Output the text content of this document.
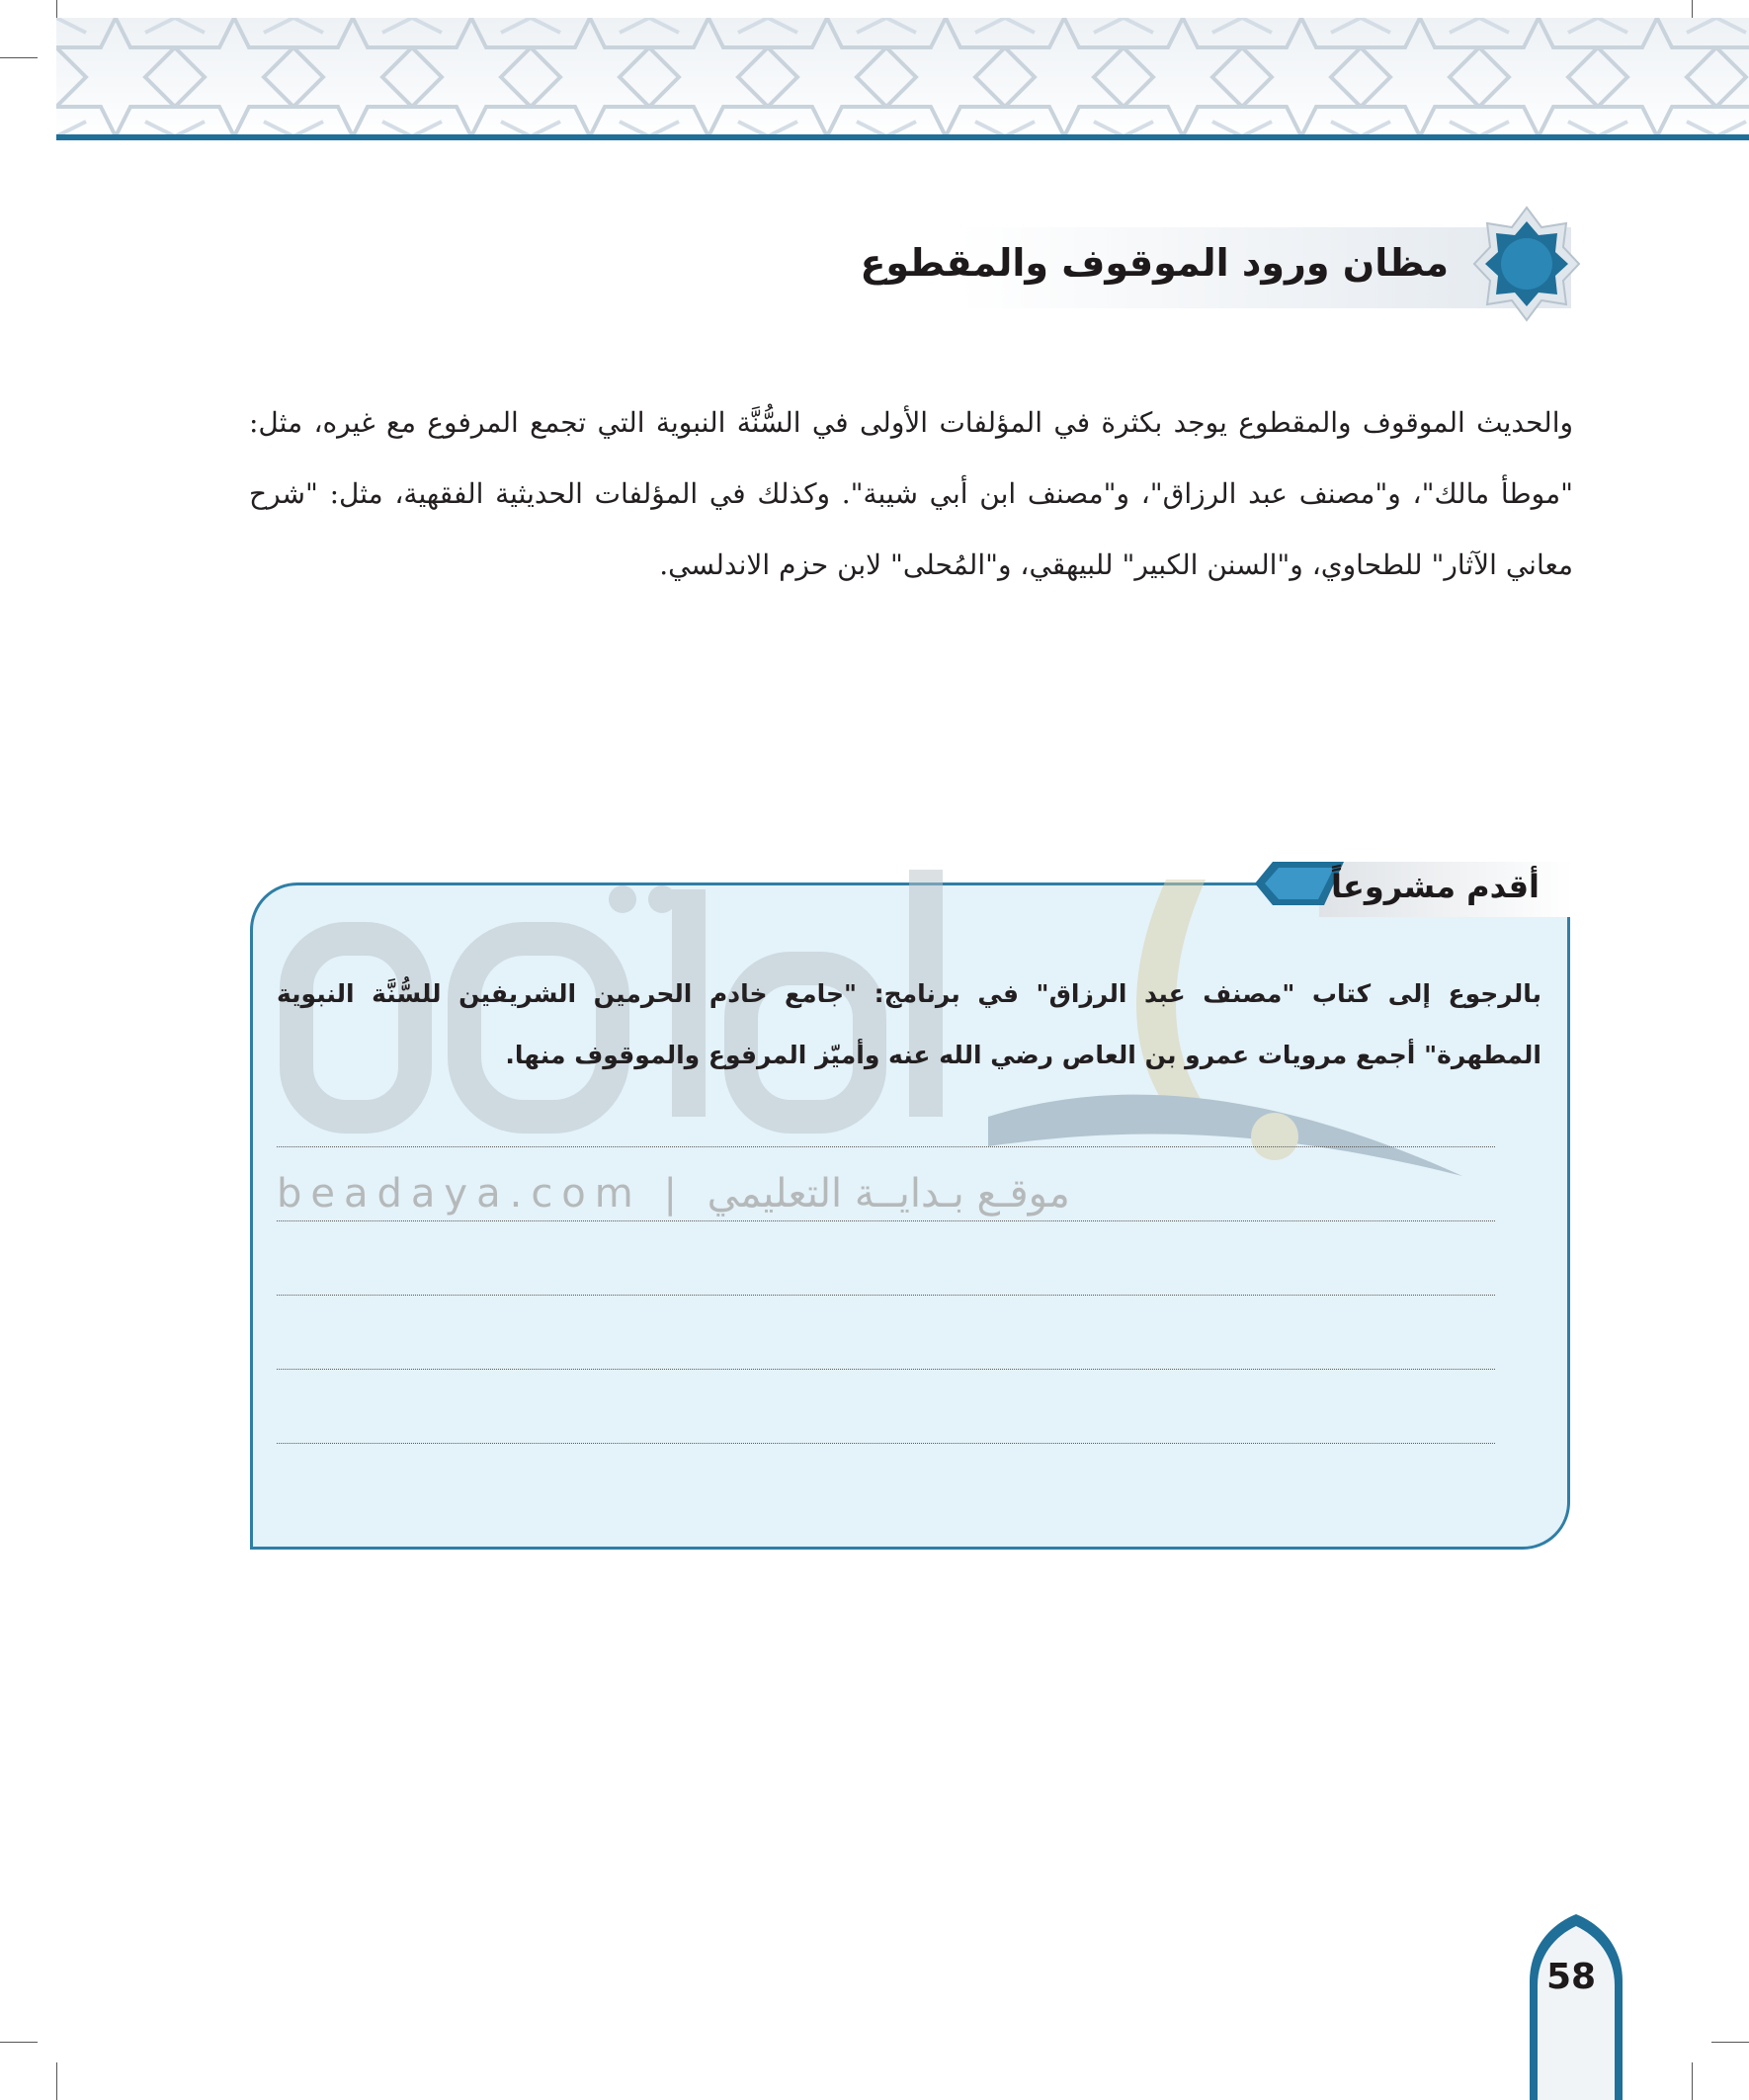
مظان ورود الموقوف والمقطوع
والحديث الموقوف والمقطوع يوجد بكثرة في المؤلفات الأولى في السُّنَّة النبوية التي تجمع المرفوع مع غيره، مثل: "موطأ مالك"، و"مصنف عبد الرزاق"، و"مصنف ابن أبي شيبة". وكذلك في المؤلفات الحديثية الفقهية، مثل: "شرح معاني الآثار" للطحاوي، و"السنن الكبير" للبيهقي، و"المُحلى" لابن حزم الاندلسي.
beadaya.com | موقـع بـدايــة التعليمي
أقدم مشروعاً
بالرجوع إلى كتاب "مصنف عبد الرزاق" في برنامج: "جامع خادم الحرمين الشريفين للسُّنَّة النبوية المطهرة" أجمع مرويات عمرو بن العاص رضي الله عنه وأميّز المرفوع والموقوف منها.
58
